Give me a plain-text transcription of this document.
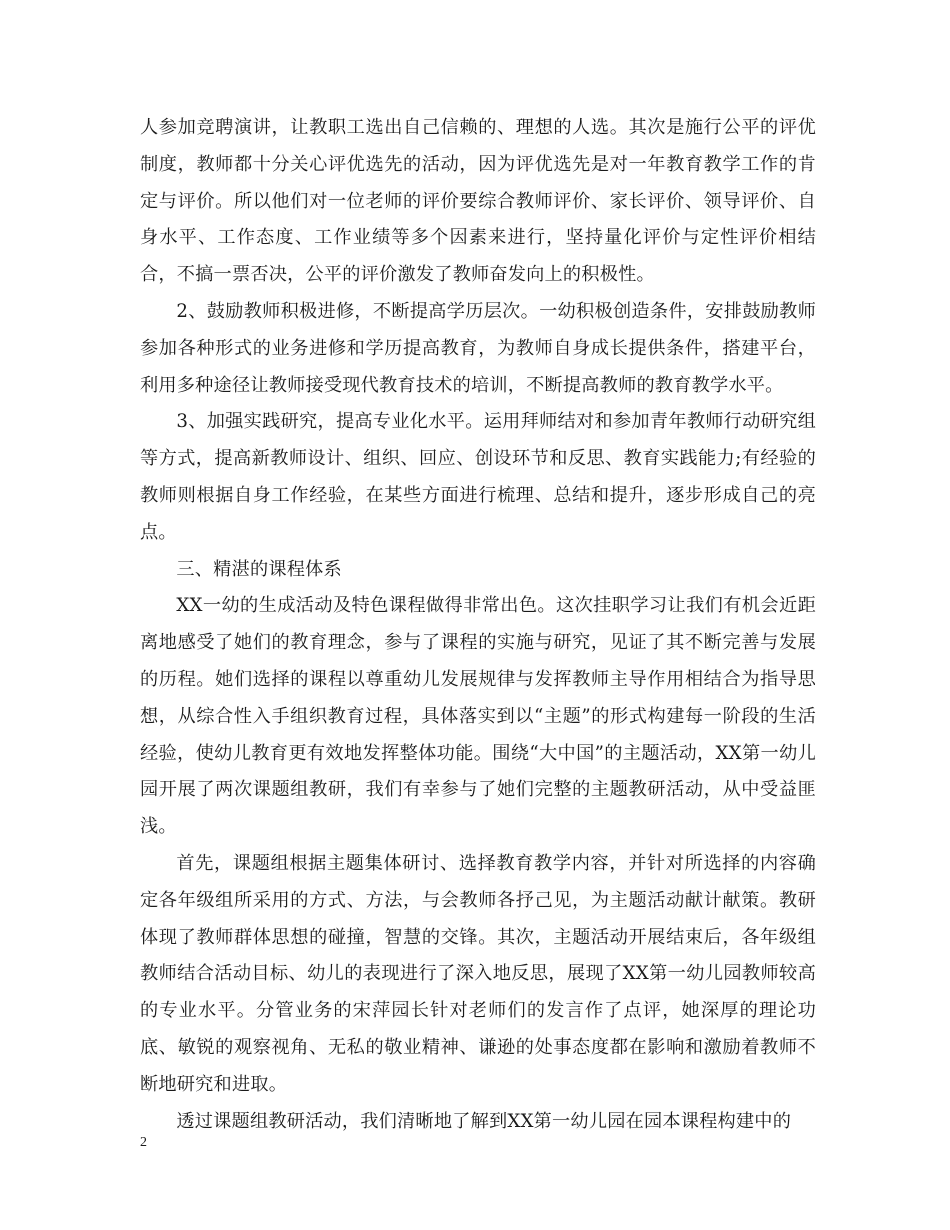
人参加竞聘演讲，让教职工选出自己信赖的、理想的人选。其次是施行公平的评优制度，教师都十分关心评优选先的活动，因为评优选先是对一年教育教学工作的肯定与评价。所以他们对一位老师的评价要综合教师评价、家长评价、领导评价、自身水平、工作态度、工作业绩等多个因素来进行，坚持量化评价与定性评价相结合，不搞一票否决，公平的评价激发了教师奋发向上的积极性。

2、鼓励教师积极进修，不断提高学历层次。一幼积极创造条件，安排鼓励教师参加各种形式的业务进修和学历提高教育，为教师自身成长提供条件，搭建平台，利用多种途径让教师接受现代教育技术的培训，不断提高教师的教育教学水平。

3、加强实践研究，提高专业化水平。运用拜师结对和参加青年教师行动研究组等方式，提高新教师设计、组织、回应、创设环节和反思、教育实践能力;有经验的教师则根据自身工作经验，在某些方面进行梳理、总结和提升，逐步形成自己的亮点。

三、精湛的课程体系

XX一幼的生成活动及特色课程做得非常出色。这次挂职学习让我们有机会近距离地感受了她们的教育理念，参与了课程的实施与研究，见证了其不断完善与发展的历程。她们选择的课程以尊重幼儿发展规律与发挥教师主导作用相结合为指导思想，从综合性入手组织教育过程，具体落实到以“主题”的形式构建每一阶段的生活经验，使幼儿教育更有效地发挥整体功能。围绕“大中国”的主题活动，XX第一幼儿园开展了两次课题组教研，我们有幸参与了她们完整的主题教研活动，从中受益匪浅。

首先，课题组根据主题集体研讨、选择教育教学内容，并针对所选择的内容确定各年级组所采用的方式、方法，与会教师各抒己见，为主题活动献计献策。教研体现了教师群体思想的碰撞，智慧的交锋。其次，主题活动开展结束后，各年级组教师结合活动目标、幼儿的表现进行了深入地反思，展现了XX第一幼儿园教师较高的专业水平。分管业务的宋萍园长针对老师们的发言作了点评，她深厚的理论功底、敏锐的观察视角、无私的敬业精神、谦逊的处事态度都在影响和激励着教师不断地研究和进取。

透过课题组教研活动，我们清晰地了解到XX第一幼儿园在园本课程构建中的

2
